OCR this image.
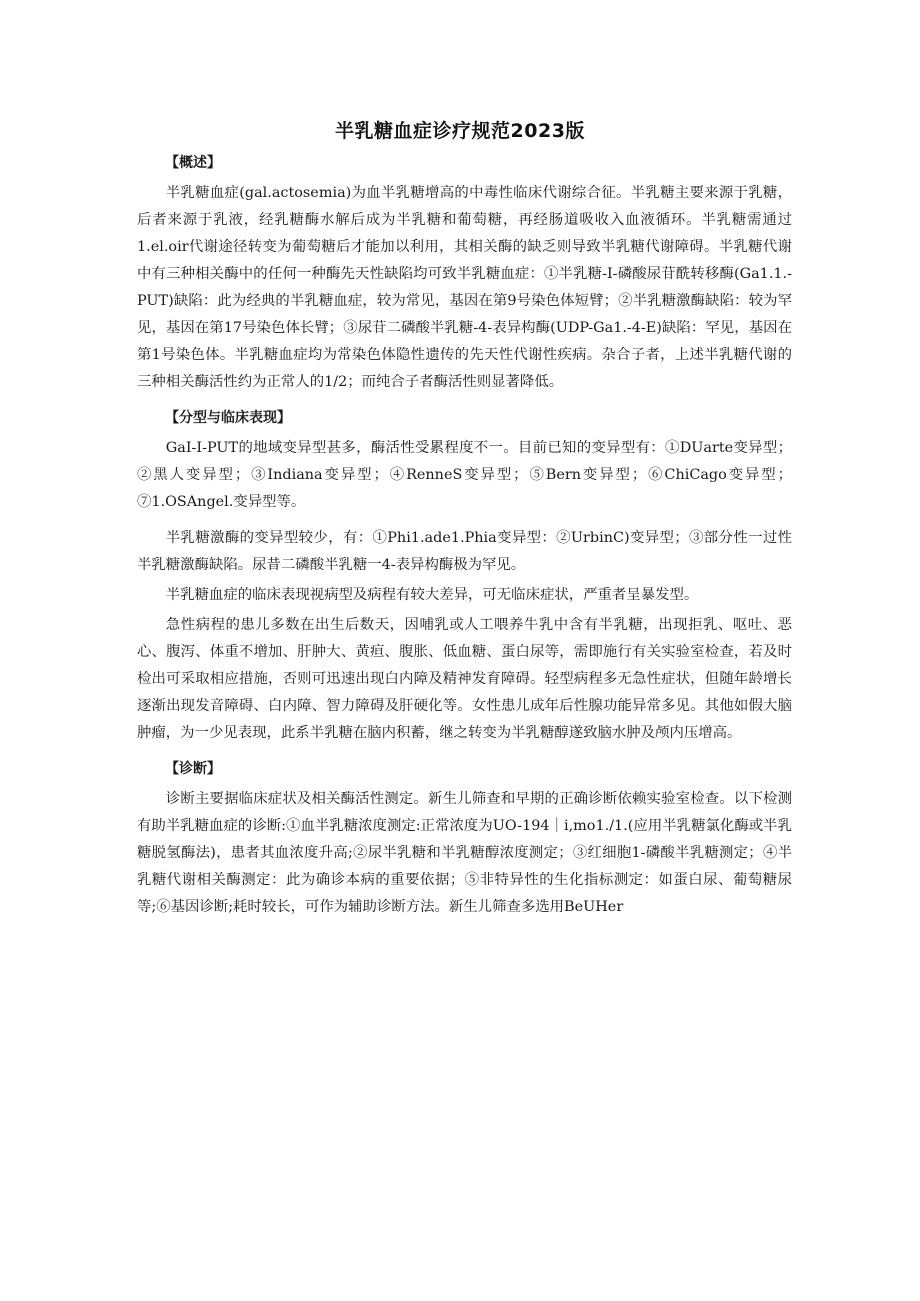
半乳糖血症诊疗规范2023版

【概述】

半乳糖血症(gal.actosemia)为血半乳糖增高的中毒性临床代谢综合征。半乳糖主要来源于乳糖，后者来源于乳液，经乳糖酶水解后成为半乳糖和葡萄糖，再经肠道吸收入血液循环。半乳糖需通过1.el.oir代谢途径转变为葡萄糖后才能加以利用，其相关酶的缺乏则导致半乳糖代谢障碍。半乳糖代谢中有三种相关酶中的任何一种酶先天性缺陷均可致半乳糖血症：①半乳糖-I-磷酸尿苷酰转移酶(Ga1.1.-PUT)缺陷：此为经典的半乳糖血症，较为常见，基因在第9号染色体短臂；②半乳糖激酶缺陷：较为罕见，基因在第17号染色体长臂；③尿苷二磷酸半乳糖-4-表异构酶(UDP-Ga1.-4-E)缺陷：罕见，基因在第1号染色体。半乳糖血症均为常染色体隐性遗传的先天性代谢性疾病。杂合子者，上述半乳糖代谢的三种相关酶活性约为正常人的1/2；而纯合子者酶活性则显著降低。

【分型与临床表现】

GaI-I-PUT的地域变异型甚多，酶活性受累程度不一。目前已知的变异型有：①DUarte变异型；②黑人变异型；③Indiana变异型；④RenneS变异型；⑤Bern变异型；⑥ChiCago变异型；⑦1.OSAngel.变异型等。

半乳糖激酶的变异型较少，有：①Phi1.ade1.Phia变异型：②UrbinC)变异型；③部分性一过性半乳糖激酶缺陷。尿昔二磷酸半乳糖一4-表异构酶极为罕见。

半乳糖血症的临床表现视病型及病程有较大差异，可无临床症状，严重者呈暴发型。

急性病程的患儿多数在出生后数天，因哺乳或人工喂养牛乳中含有半乳糖，出现拒乳、呕吐、恶心、腹泻、体重不增加、肝肿大、黄疸、腹胀、低血糖、蛋白尿等，需即施行有关实验室检查，若及时检出可采取相应措施，否则可迅速出现白内障及精神发育障碍。轻型病程多无急性症状，但随年龄增长逐渐出现发音障碍、白内障、智力障碍及肝硬化等。女性患儿成年后性腺功能异常多见。其他如假大脑肿瘤，为一少见表现，此系半乳糖在脑内积蓄，继之转变为半乳糖醇遂致脑水肿及颅内压增高。

【诊断】

诊断主要据临床症状及相关酶活性测定。新生儿筛查和早期的正确诊断依赖实验室检查。以下检测有助半乳糖血症的诊断:①血半乳糖浓度测定:正常浓度为UO-194｜i,mo1./1.(应用半乳糖氯化酶或半乳糖脱氢酶法)，患者其血浓度升高;②尿半乳糖和半乳糖醇浓度测定；③红细胞1-磷酸半乳糖测定；④半乳糖代谢相关酶测定：此为确诊本病的重要依据；⑤非特异性的生化指标测定：如蛋白尿、葡萄糖尿等;⑥基因诊断;耗时较长，可作为辅助诊断方法。新生儿筛查多选用BeUHer
